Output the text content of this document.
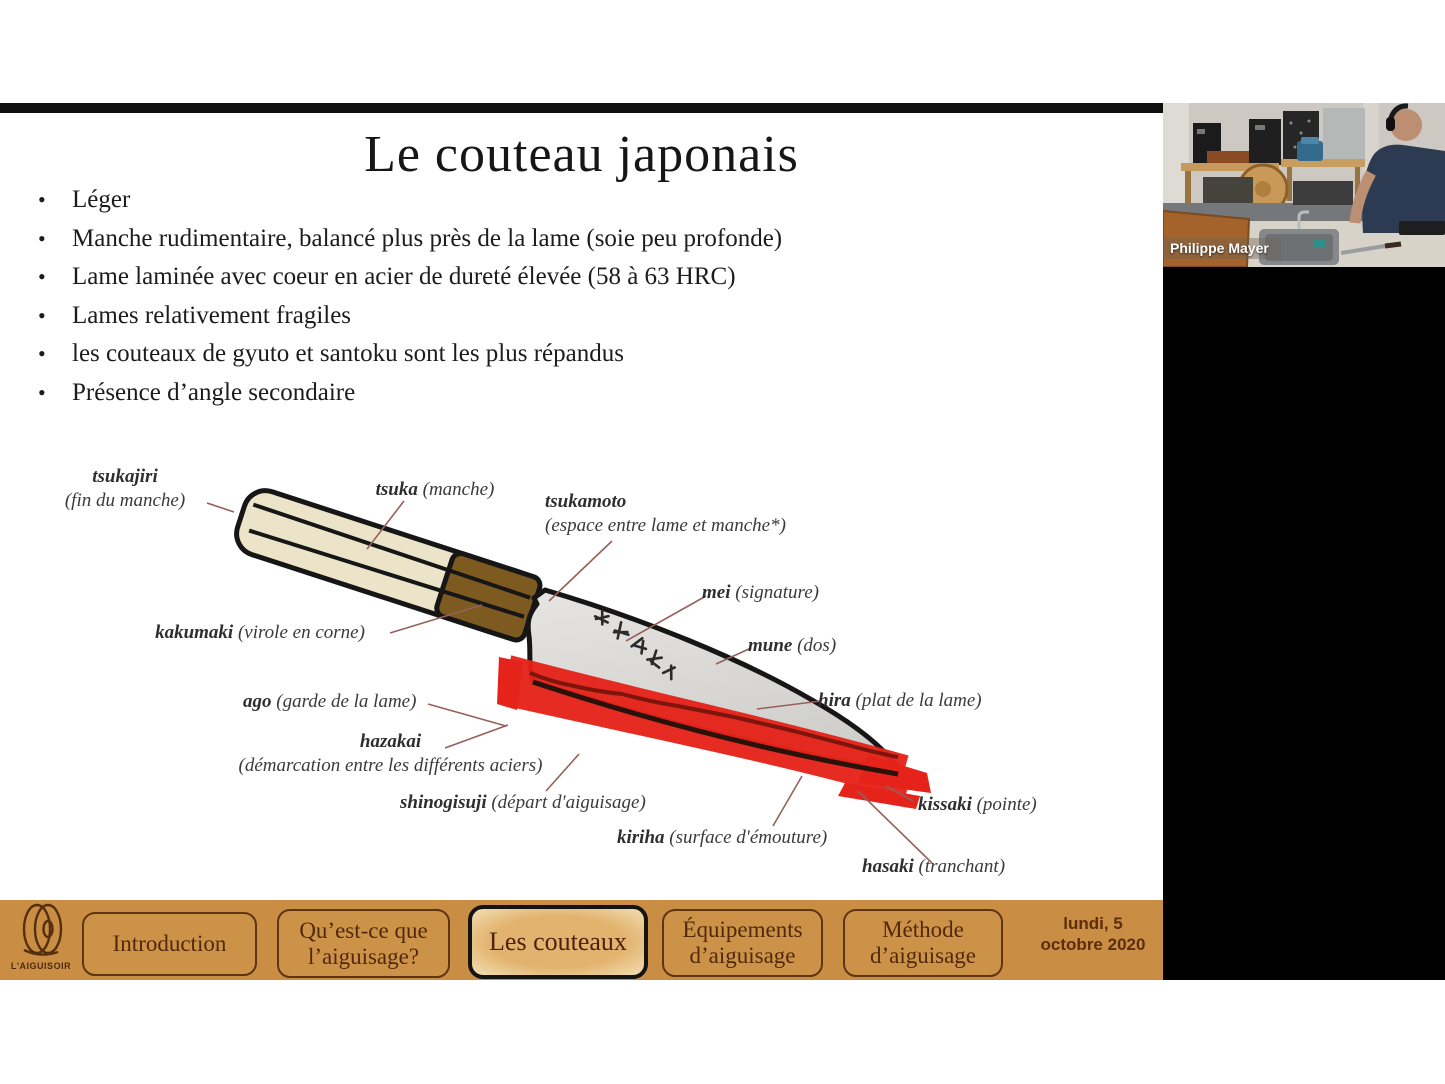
Le couteau japonais
• Léger
• Manche rudimentaire, balancé plus près de la lame (soie peu profonde)
• Lame laminée avec coeur en acier de dureté élevée (58 à 63 HRC)
• Lames relativement fragiles
• les couteaux de gyuto et santoku sont les plus répandus
• Présence d’angle secondaire
tsukajiri
(fin du manche)
tsuka (manche)
tsukamoto
(espace entre lame et manche*)
kakumaki (virole en corne)
mei (signature)
mune (dos)
ago (garde de la lame)	hira (plat de la lame)
hazakai
(démarcation entre les différents aciers)
shinogisuji (départ d'aiguisage)
kiriha (surface d'émouture)
kissaki (pointe)
hasaki (tranchant)
Philippe Mayer
L'AIGUISOIR
Introduction
Qu’est-ce que l’aiguisage?	Les couteaux	Équipements d’aiguisage
Méthode d’aiguisage
lundi, 5
octobre 2020
